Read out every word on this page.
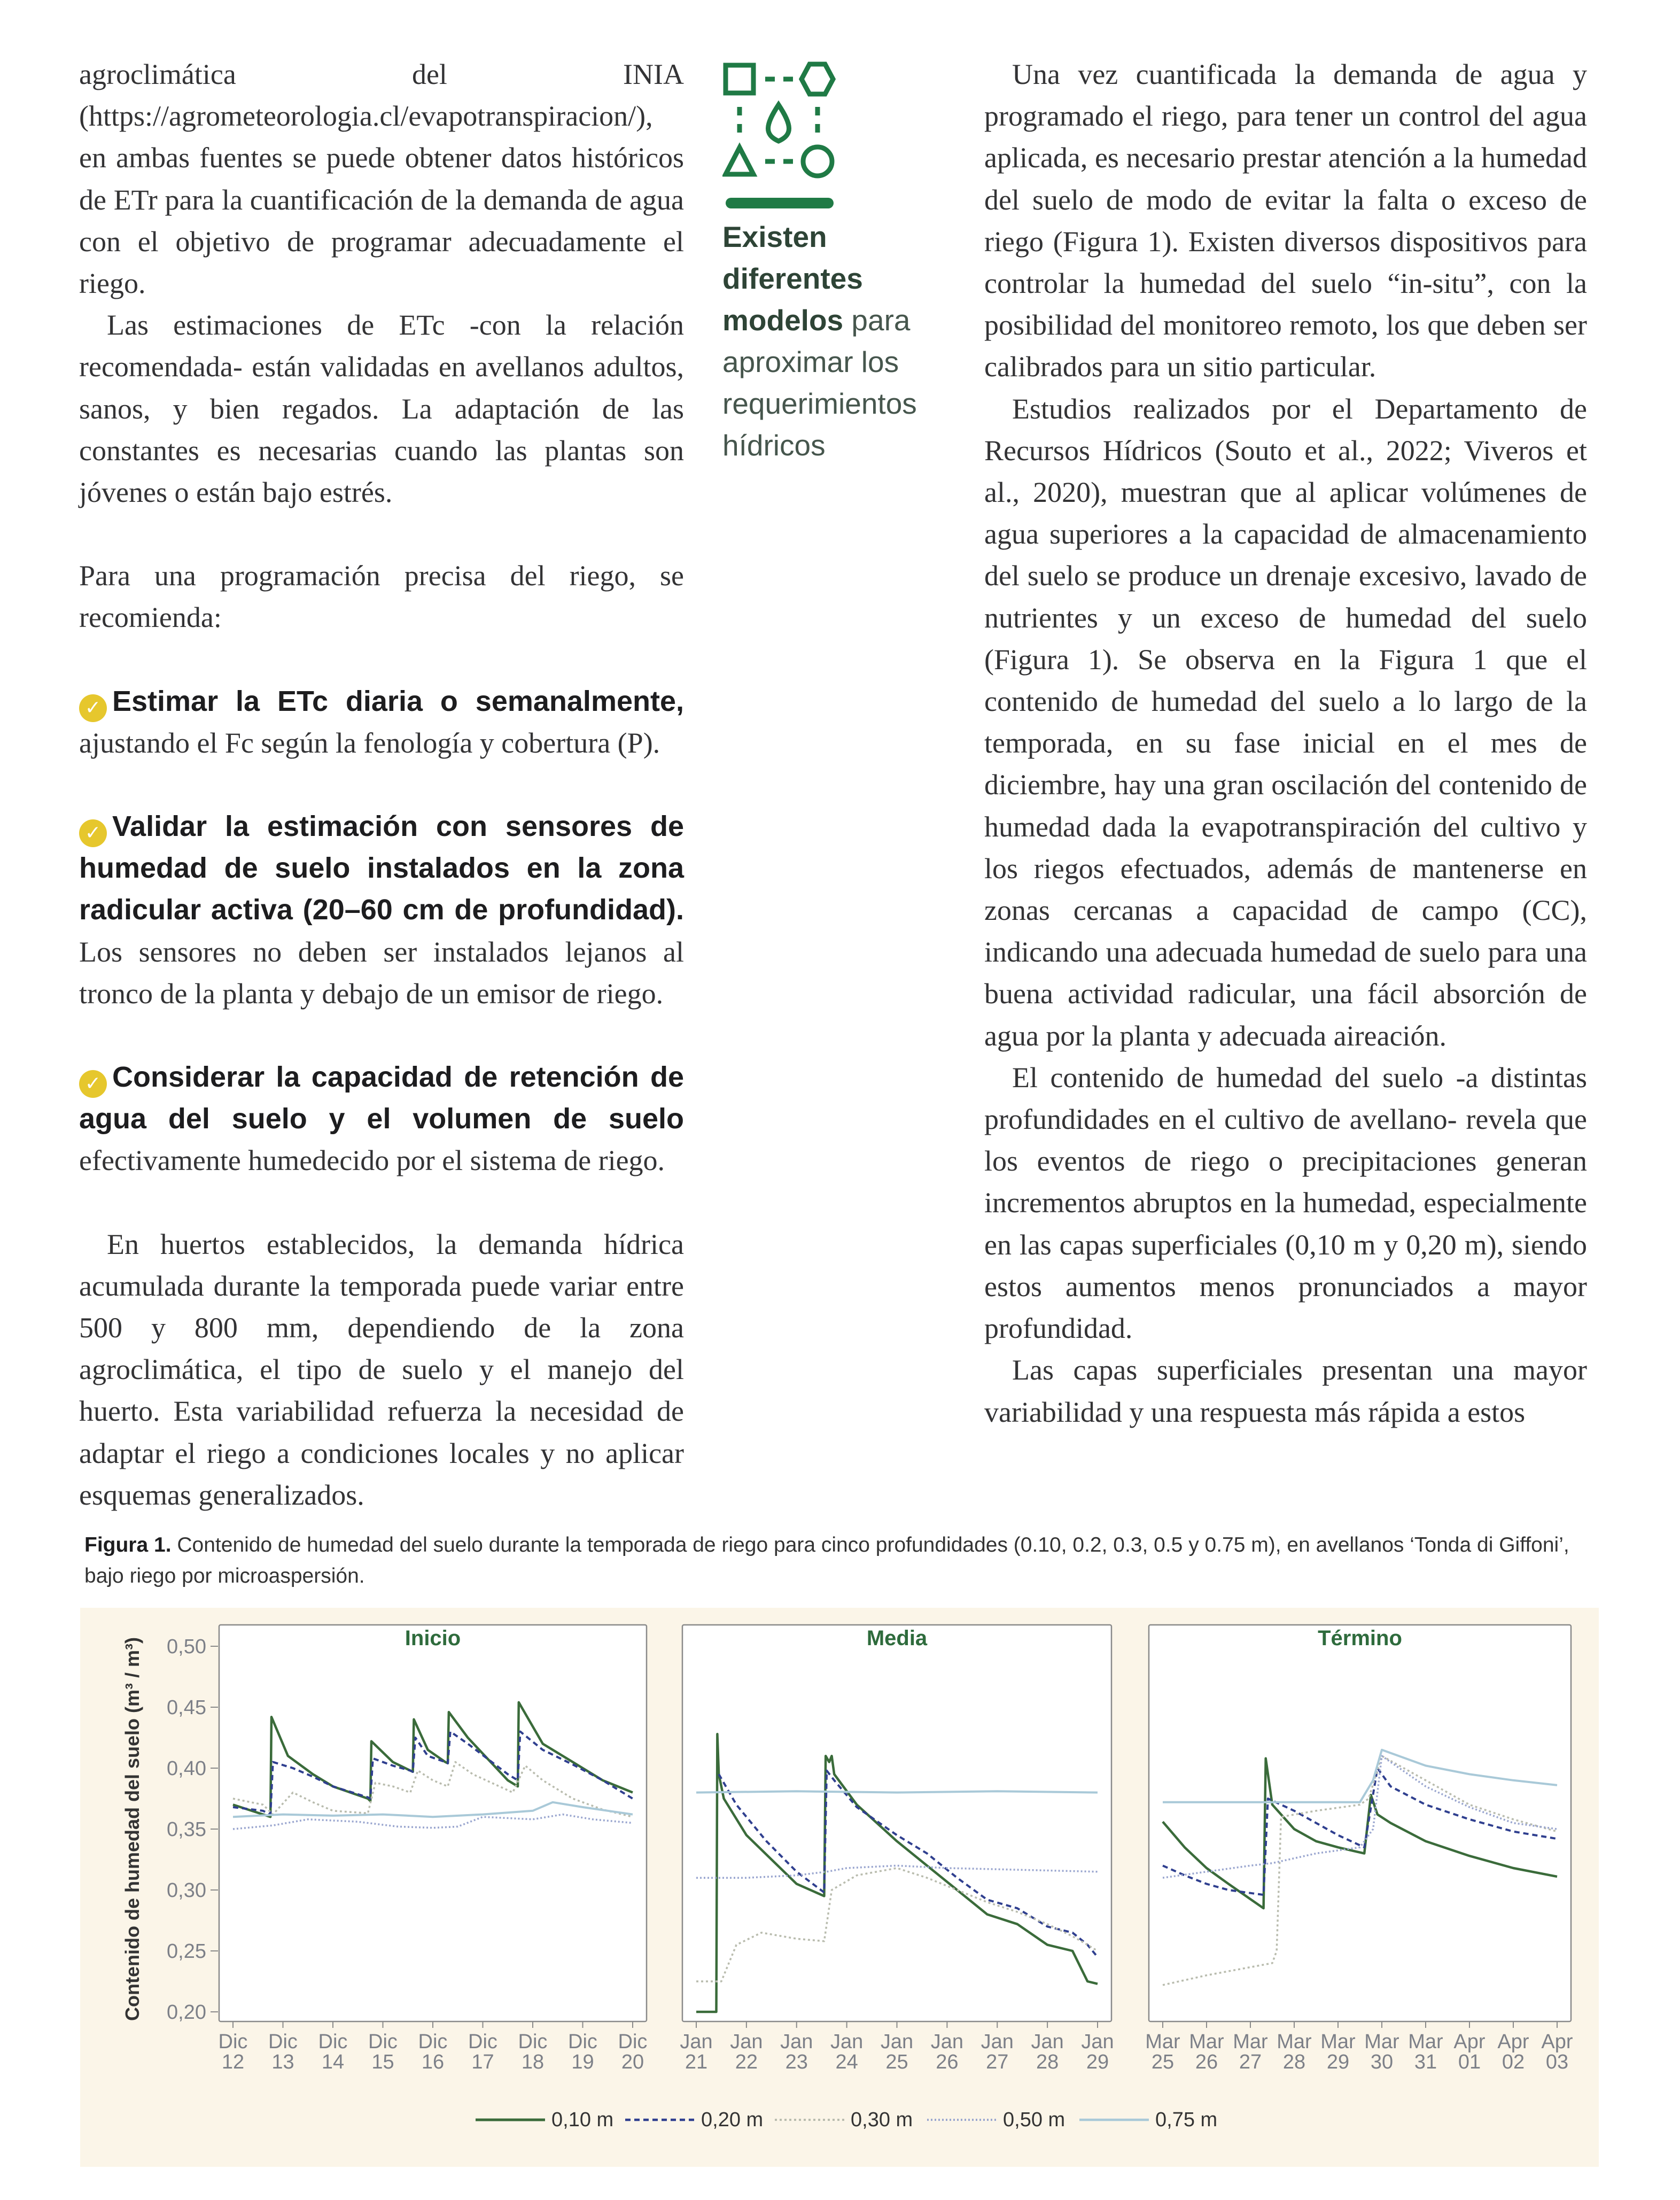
agroclimática del INIA (https://agrometeorologia.cl/evapotranspiracion/), en ambas fuentes se puede obtener datos históricos de ETr para la cuantificación de la demanda de agua con el objetivo de programar adecuadamente el riego.

Las estimaciones de ETc -con la relación recomendada- están validadas en avellanos adultos, sanos, y bien regados. La adaptación de las constantes es necesarias cuando las plantas son jóvenes o están bajo estrés.

Para una programación precisa del riego, se recomienda:

✓ Estimar la ETc diaria o semanalmente, ajustando el Fc según la fenología y cobertura (P).

✓ Validar la estimación con sensores de humedad de suelo instalados en la zona radicular activa (20–60 cm de profundidad). Los sensores no deben ser instalados lejanos al tronco de la planta y debajo de un emisor de riego.

✓ Considerar la capacidad de retención de agua del suelo y el volumen de suelo efectivamente humedecido por el sistema de riego.

En huertos establecidos, la demanda hídrica acumulada durante la temporada puede variar entre 500 y 800 mm, dependiendo de la zona agroclimática, el tipo de suelo y el manejo del huerto. Esta variabilidad refuerza la necesidad de adaptar el riego a condiciones locales y no aplicar esquemas generalizados.

Existen diferentes modelos para aproximar los requerimientos hídricos

Una vez cuantificada la demanda de agua y programado el riego, para tener un control del agua aplicada, es necesario prestar atención a la humedad del suelo de modo de evitar la falta o exceso de riego (Figura 1). Existen diversos dispositivos para controlar la humedad del suelo “in-situ”, con la posibilidad del monitoreo remoto, los que deben ser calibrados para un sitio particular.

Estudios realizados por el Departamento de Recursos Hídricos (Souto et al., 2022; Viveros et al., 2020), muestran que al aplicar volúmenes de agua superiores a la capacidad de almacenamiento del suelo se produce un drenaje excesivo, lavado de nutrientes y un exceso de humedad del suelo (Figura 1). Se observa en la Figura 1 que el contenido de humedad del suelo a lo largo de la temporada, en su fase inicial en el mes de diciembre, hay una gran oscilación del contenido de humedad dada la evapotranspiración del cultivo y los riegos efectuados, además de mantenerse en zonas cercanas a capacidad de campo (CC), indicando una adecuada humedad de suelo para una buena actividad radicular, una fácil absorción de agua por la planta y adecuada aireación.

El contenido de humedad del suelo -a distintas profundidades en el cultivo de avellano- revela que los eventos de riego o precipitaciones generan incrementos abruptos en la humedad, especialmente en las capas superficiales (0,10 m y 0,20 m), siendo estos aumentos menos pronunciados a mayor profundidad.

Las capas superficiales presentan una mayor variabilidad y una respuesta más rápida a estos

Figura 1. Contenido de humedad del suelo durante la temporada de riego para cinco profundidades (0.10, 0.2, 0.3, 0.5 y 0.75 m), en avellanos ‘Tonda di Giffoni’, bajo riego por microaspersión.
Inicio
Dic
12
Dic
13
Dic
14
Dic
15
Dic
16
Dic
17
Dic
18
Dic
19
Dic
20
Media
Jan
21
Jan
22
Jan
23
Jan
24
Jan
25
Jan
26
Jan
27
Jan
28
Jan
29
Término
Mar
25
Mar
26
Mar
27
Mar
28
Mar
29
Mar
30
Mar
31
Apr
01
Apr
02
Apr
03
0,50
0,45
0,40
0,35
0,30
0,25
0,20
Contenido de humedad del suelo (m³ / m³)
0,10 m	0,20 m	0,30 m	0,50 m	0,75 m
